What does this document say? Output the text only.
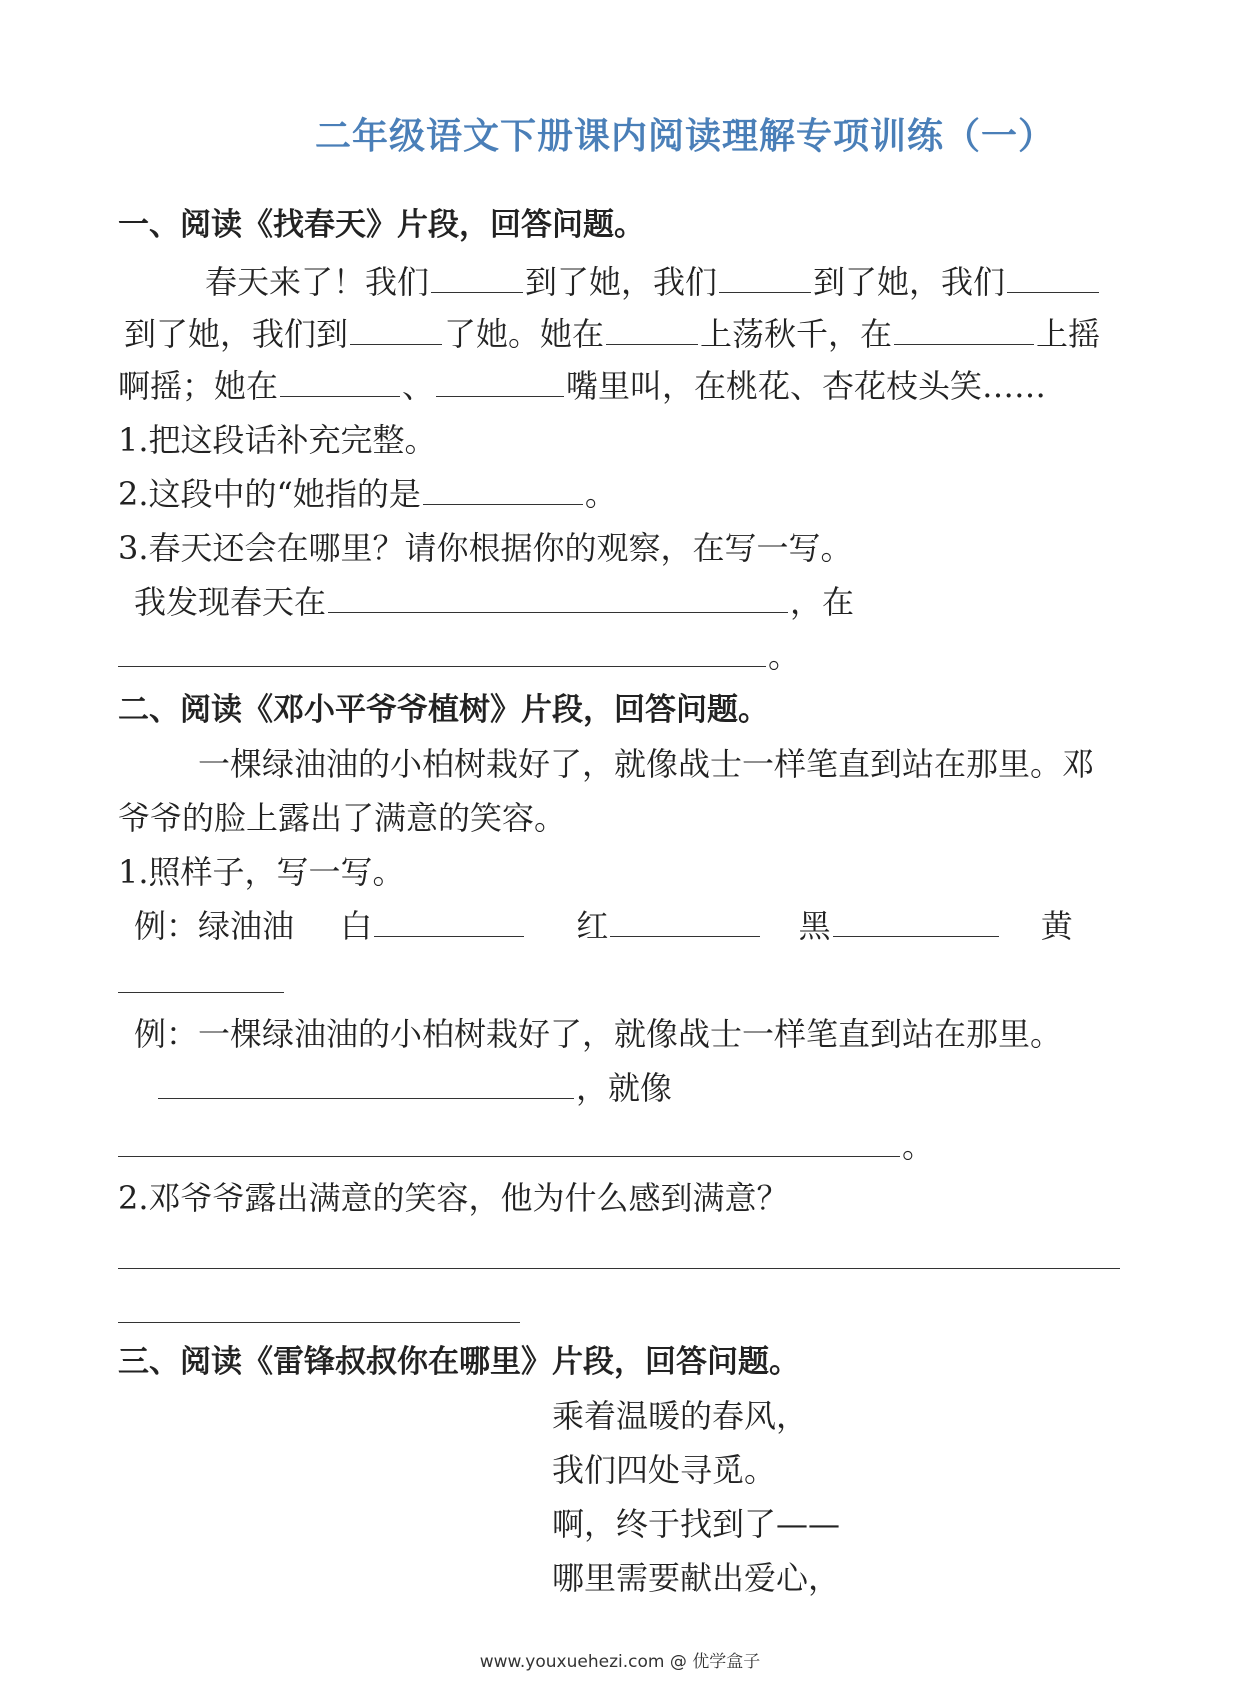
二年级语文下册课内阅读理解专项训练（一）
一、阅读《找春天》片段，回答问题。
春天来了！我们	到了她，我们	到了她，我们
到了她，我们到	了她。她在	上荡秋千，在	上摇
啊摇；她在	、	嘴里叫，在桃花、杏花枝头笑……
1.把这段话补充完整。
2.这段中的“她指的是	。
3.春天还会在哪里？请你根据你的观察，在写一写。
我发现春天在	，在
。
二、阅读《邓小平爷爷植树》片段，回答问题。
一棵绿油油的小柏树栽好了，就像战士一样笔直到站在那里。邓
爷爷的脸上露出了满意的笑容。
1.照样子，写一写。
例：绿油油 白	红	黑	黄
例：一棵绿油油的小柏树栽好了，就像战士一样笔直到站在那里。
，就像
。
2.邓爷爷露出满意的笑容，他为什么感到满意？
三、阅读《雷锋叔叔你在哪里》片段，回答问题。
乘着温暖的春风，
我们四处寻觅。
啊，终于找到了——
哪里需要献出爱心，
www.youxuehezi.com @ 优学盒子
